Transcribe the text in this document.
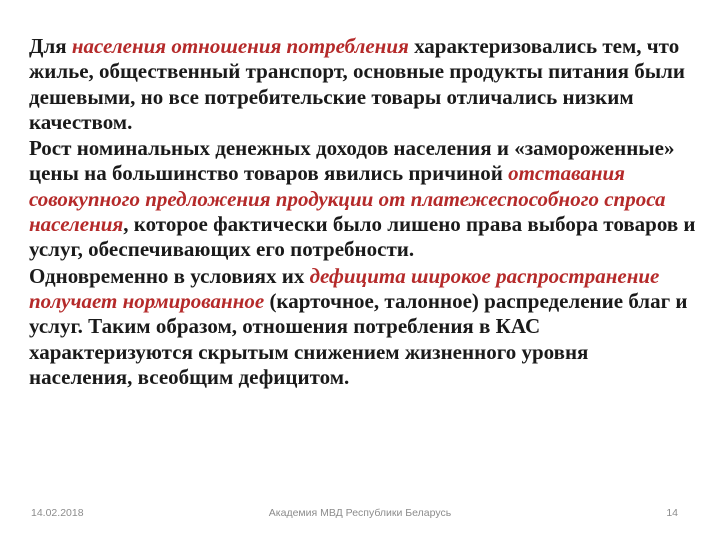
Для населения отношения потребления характеризовались тем, что жилье, общественный транспорт, основные продукты питания были дешевыми, но все потребительские товары отличались низким качеством.

Рост номинальных денежных доходов населения и «замороженные» цены на большинство товаров явились причиной отставания совокупного предложения продукции от платежеспособного спроса населения, которое фактически было лишено права выбора товаров и услуг, обеспечивающих его потребности.

Одновременно в условиях их дефицита широкое распространение получает нормированное (карточное, талонное) распределение благ и услуг. Таким образом, отношения потребления в КАС характеризуются скрытым снижением жизненного уровня населения, всеобщим дефицитом.

14.02.2018	Академия МВД Республики Беларусь	14
